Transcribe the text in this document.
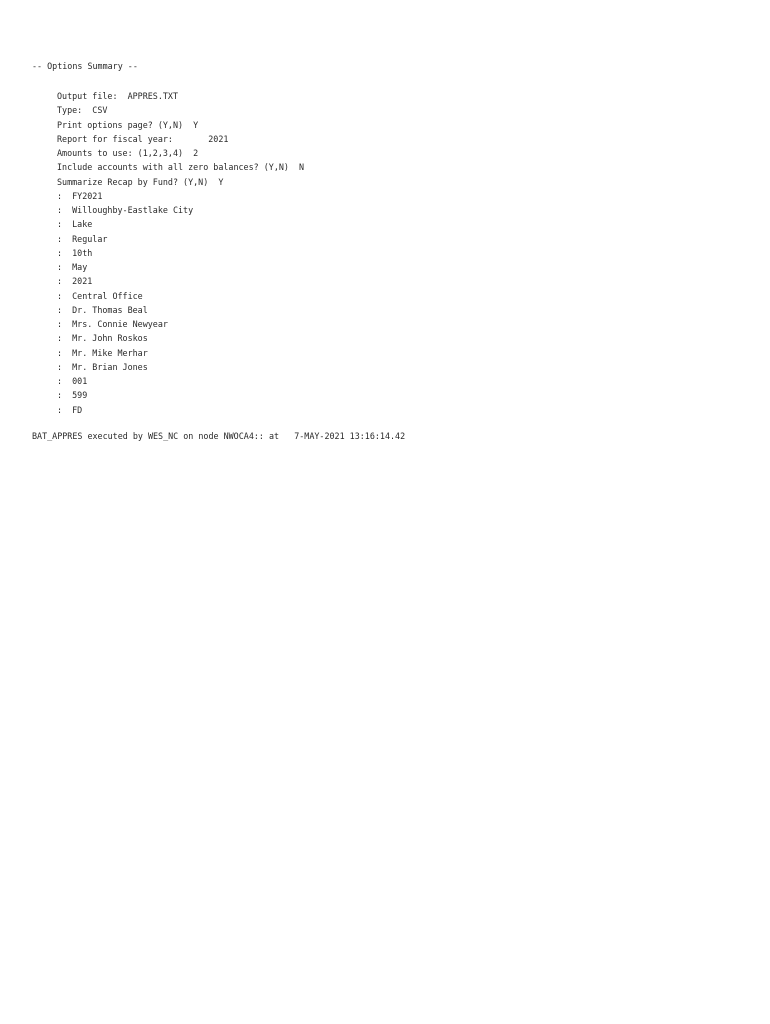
-- Options Summary --
Output file:  APPRES.TXT
Type:  CSV
Print options page? (Y,N)  Y
Report for fiscal year:       2021
Amounts to use: (1,2,3,4)  2
Include accounts with all zero balances? (Y,N)  N
Summarize Recap by Fund? (Y,N)  Y
:  FY2021
:  Willoughby-Eastlake City
:  Lake
:  Regular
:  10th
:  May
:  2021
:  Central Office
:  Dr. Thomas Beal
:  Mrs. Connie Newyear
:  Mr. John Roskos
:  Mr. Mike Merhar
:  Mr. Brian Jones
:  001
:  599
:  FD
BAT_APPRES executed by WES_NC on node NWOCA4:: at   7-MAY-2021 13:16:14.42
